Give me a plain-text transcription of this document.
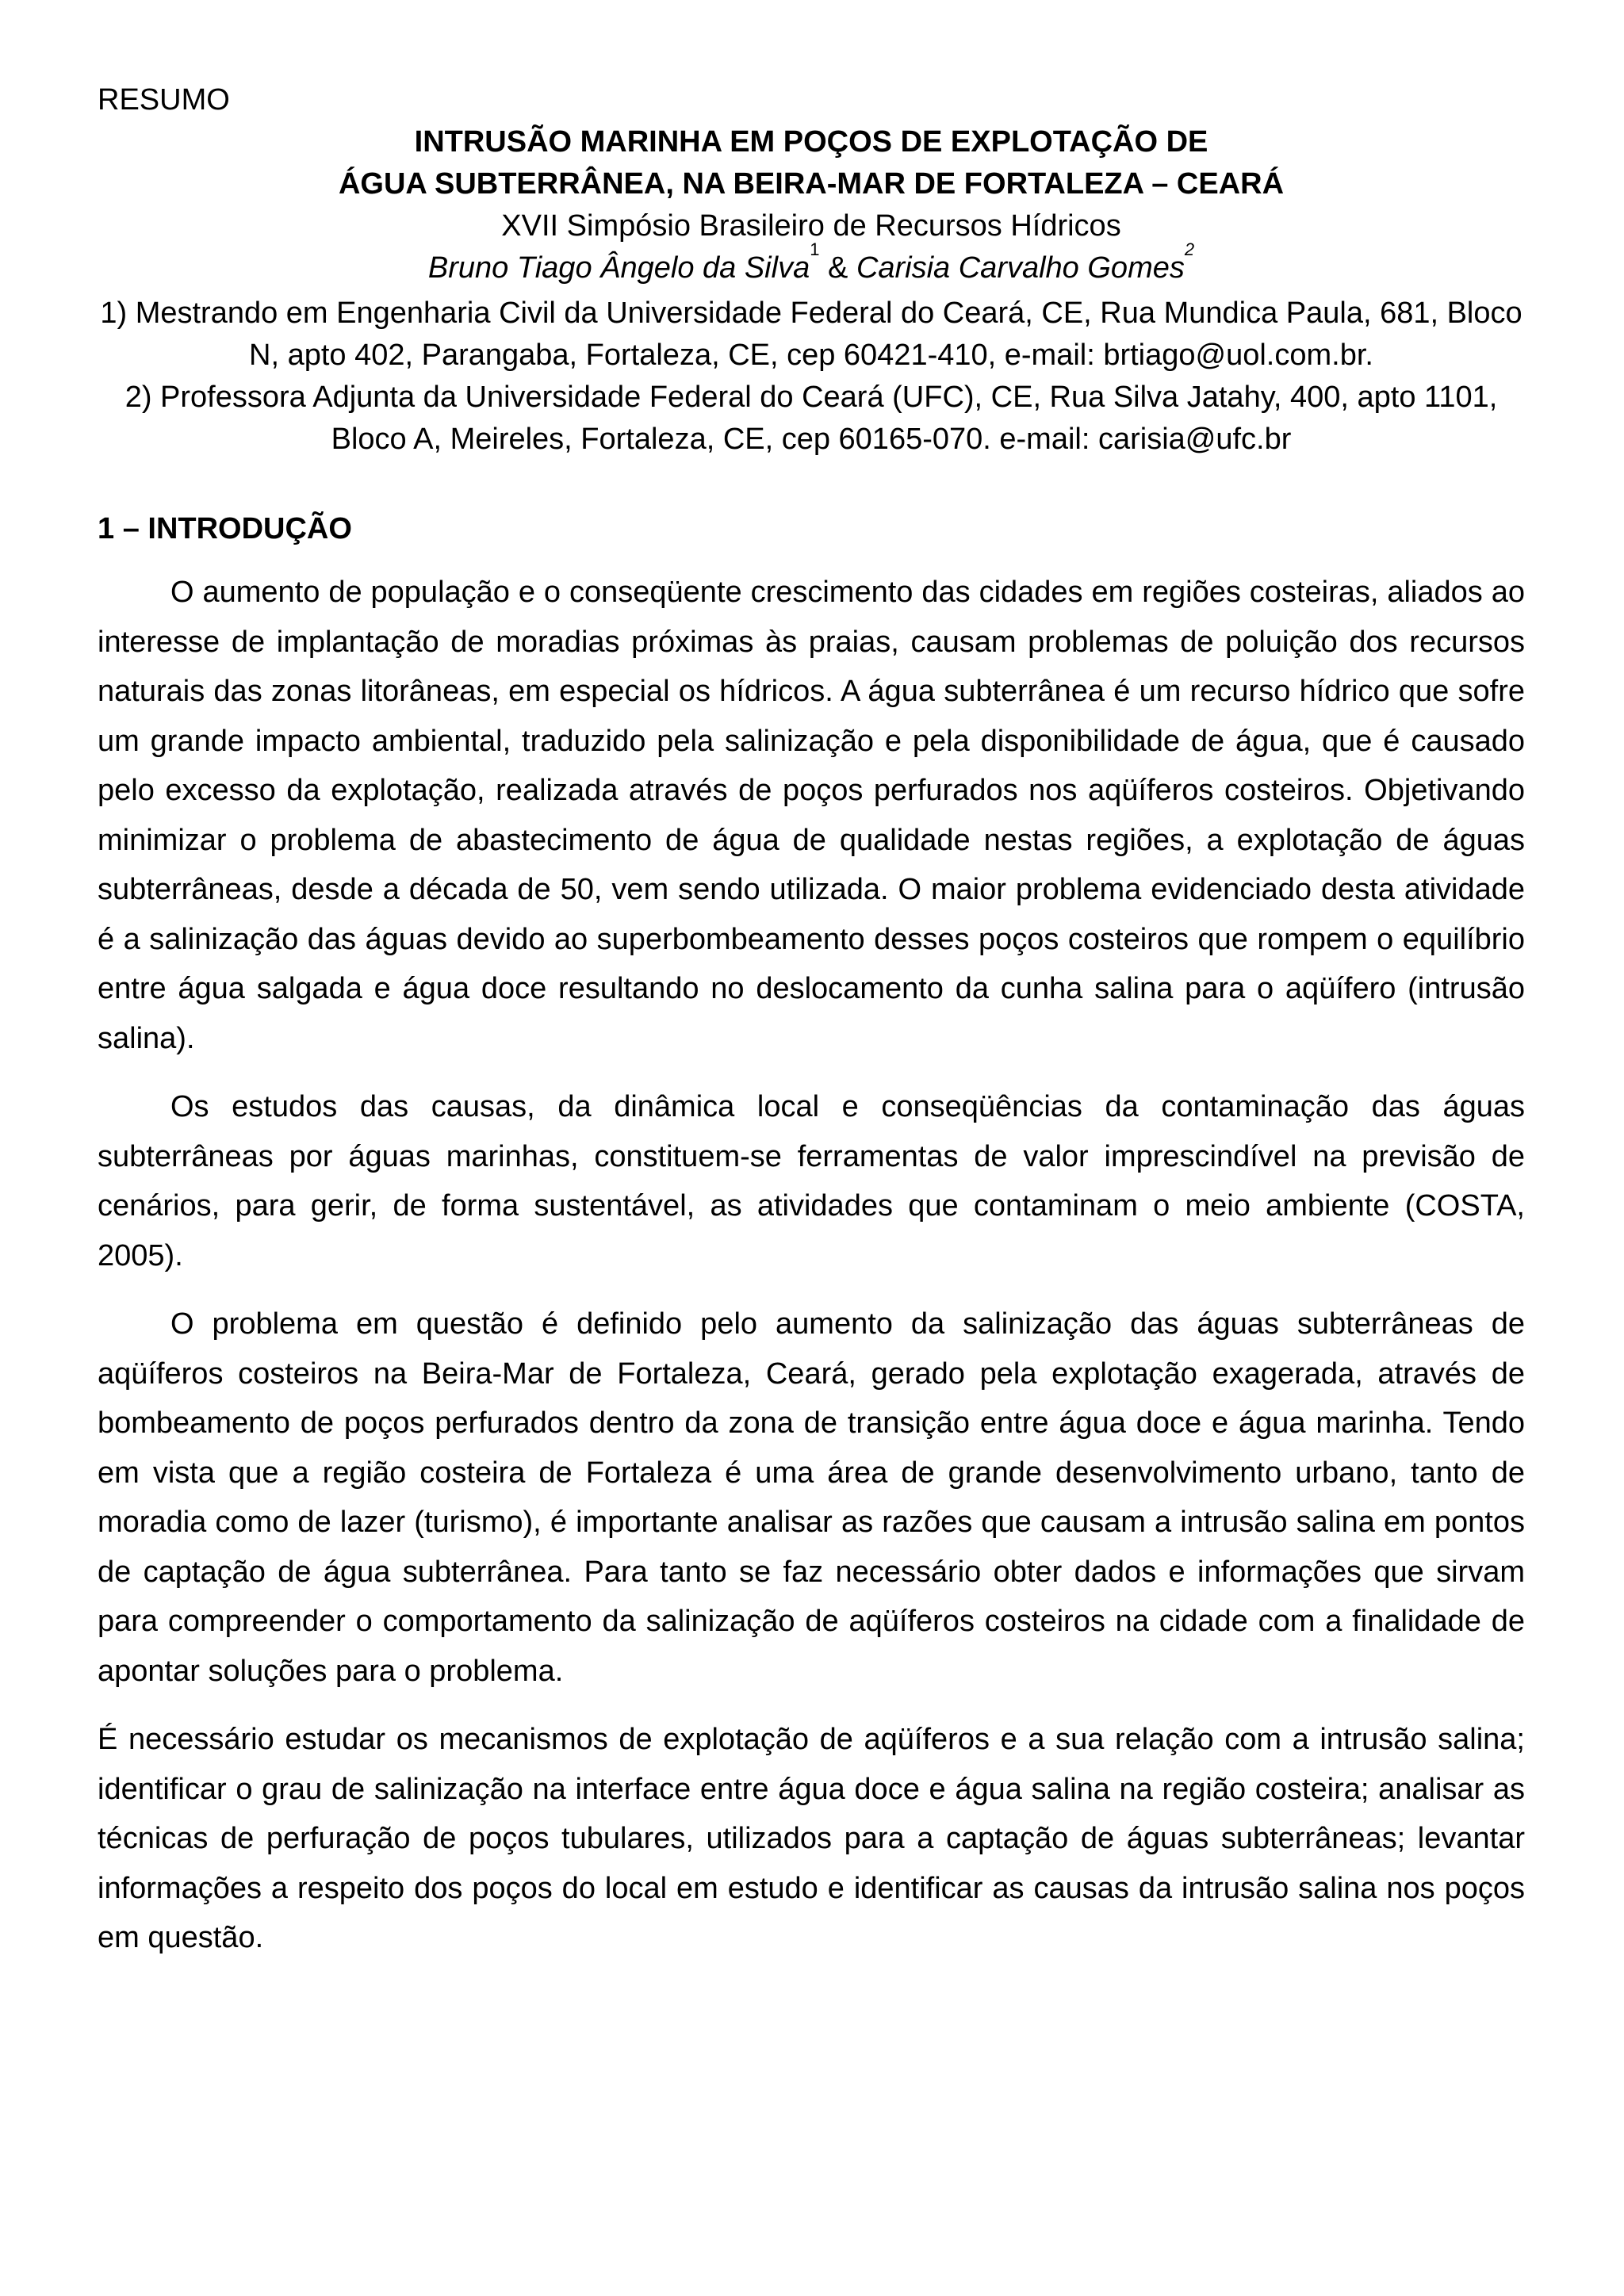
RESUMO

INTRUSÃO MARINHA EM POÇOS DE EXPLOTAÇÃO DE

ÁGUA SUBTERRÂNEA, NA BEIRA-MAR DE FORTALEZA – CEARÁ

XVII Simpósio Brasileiro de Recursos Hídricos

Bruno Tiago Ângelo da Silva$^1$ & Carisia Carvalho Gomes$^2$

1) Mestrando em Engenharia Civil da Universidade Federal do Ceará, CE, Rua Mundica Paula, 681, Bloco N, apto 402, Parangaba, Fortaleza, CE, cep 60421-410, e-mail: brtiago@uol.com.br.

2) Professora Adjunta da Universidade Federal do Ceará (UFC), CE, Rua Silva Jatahy, 400, apto 1101, Bloco A, Meireles, Fortaleza, CE, cep 60165-070. e-mail: carisia@ufc.br

1 – INTRODUÇÃO

O aumento de população e o conseqüente crescimento das cidades em regiões costeiras, aliados ao interesse de implantação de moradias próximas às praias, causam problemas de poluição dos recursos naturais das zonas litorâneas, em especial os hídricos. A água subterrânea é um recurso hídrico que sofre um grande impacto ambiental, traduzido pela salinização e pela disponibilidade de água, que é causado pelo excesso da explotação, realizada através de poços perfurados nos aqüíferos costeiros. Objetivando minimizar o problema de abastecimento de água de qualidade nestas regiões, a explotação de águas subterrâneas, desde a década de 50, vem sendo utilizada. O maior problema evidenciado desta atividade é a salinização das águas devido ao superbombeamento desses poços costeiros que rompem o equilíbrio entre água salgada e água doce resultando no deslocamento da cunha salina para o aqüífero (intrusão salina).

Os estudos das causas, da dinâmica local e conseqüências da contaminação das águas subterrâneas por águas marinhas, constituem-se ferramentas de valor imprescindível na previsão de cenários, para gerir, de forma sustentável, as atividades que contaminam o meio ambiente (COSTA, 2005).

O problema em questão é definido pelo aumento da salinização das águas subterrâneas de aqüíferos costeiros na Beira-Mar de Fortaleza, Ceará, gerado pela explotação exagerada, através de bombeamento de poços perfurados dentro da zona de transição entre água doce e água marinha. Tendo em vista que a região costeira de Fortaleza é uma área de grande desenvolvimento urbano, tanto de moradia como de lazer (turismo), é importante analisar as razões que causam a intrusão salina em pontos de captação de água subterrânea. Para tanto se faz necessário obter dados e informações que sirvam para compreender o comportamento da salinização de aqüíferos costeiros na cidade com a finalidade de apontar soluções para o problema.

É necessário estudar os mecanismos de explotação de aqüíferos e a sua relação com a intrusão salina; identificar o grau de salinização na interface entre água doce e água salina na região costeira; analisar as técnicas de perfuração de poços tubulares, utilizados para a captação de águas subterrâneas; levantar informações a respeito dos poços do local em estudo e identificar as causas da intrusão salina nos poços em questão.
